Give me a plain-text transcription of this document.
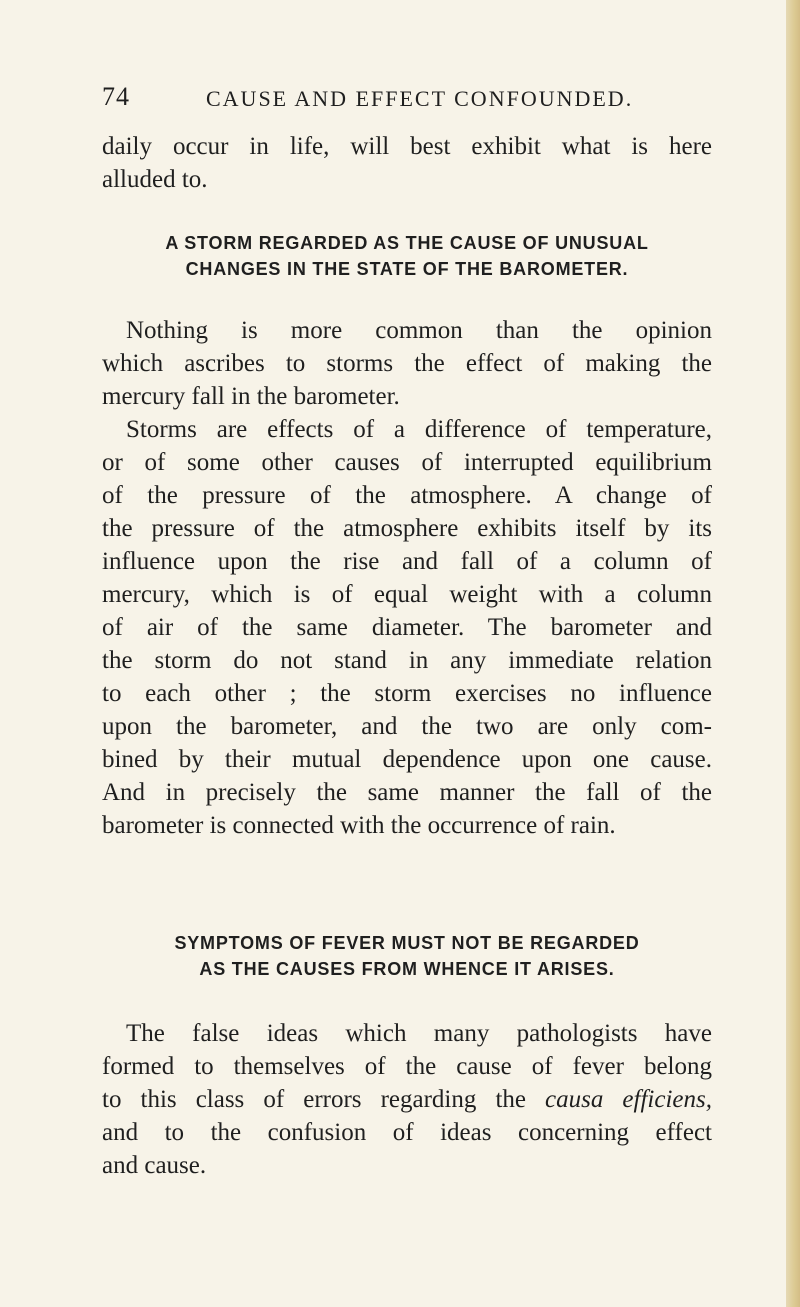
74	CAUSE AND EFFECT CONFOUNDED.
daily occur in life, will best exhibit what is here
alluded to.
A STORM REGARDED AS THE CAUSE OF UNUSUAL
CHANGES IN THE STATE OF THE BAROMETER.
Nothing is more common than the opinion
which ascribes to storms the effect of making the
mercury fall in the barometer.
Storms are effects of a difference of temperature,
or of some other causes of interrupted equilibrium
of the pressure of the atmosphere. A change of
the pressure of the atmosphere exhibits itself by its
influence upon the rise and fall of a column of
mercury, which is of equal weight with a column
of air of the same diameter. The barometer and
the storm do not stand in any immediate relation
to each other ; the storm exercises no influence
upon the barometer, and the two are only com-
bined by their mutual dependence upon one cause.
And in precisely the same manner the fall of the
barometer is connected with the occurrence of rain.
SYMPTOMS OF FEVER MUST NOT BE REGARDED
AS THE CAUSES FROM WHENCE IT ARISES.
The false ideas which many pathologists have
formed to themselves of the cause of fever belong
to this class of errors regarding the causa efficiens,
and to the confusion of ideas concerning effect
and cause.
